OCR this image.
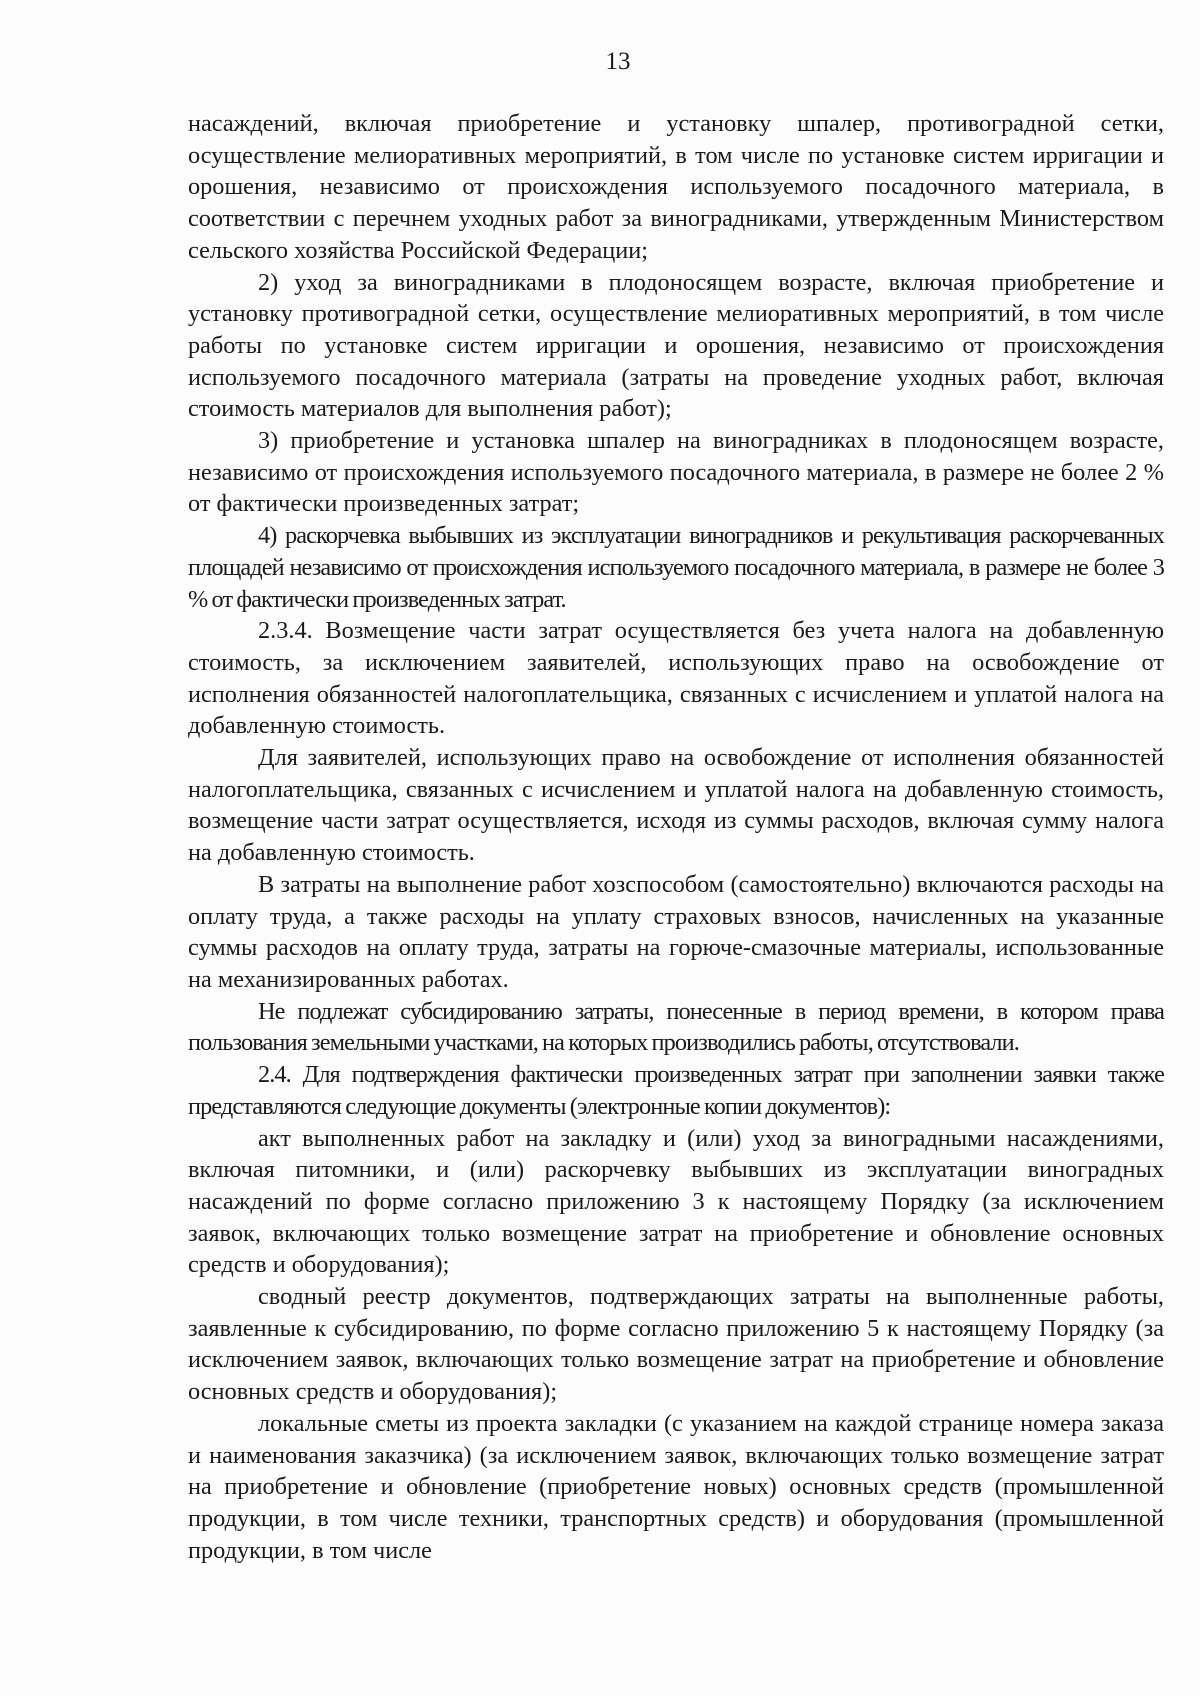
13

насаждений, включая приобретение и установку шпалер, противоградной сетки, осуществление мелиоративных мероприятий, в том числе по установке систем ирригации и орошения, независимо от происхождения используемого посадочного материала, в соответствии с перечнем уходных работ за виноградниками, утвержденным Министерством сельского хозяйства Российской Федерации;

2) уход за виноградниками в плодоносящем возрасте, включая приобретение и установку противоградной сетки, осуществление мелиоративных мероприятий, в том числе работы по установке систем ирригации и орошения, независимо от происхождения используемого посадочного материала (затраты на проведение уходных работ, включая стоимость материалов для выполнения работ);

3) приобретение и установка шпалер на виноградниках в плодоносящем возрасте, независимо от происхождения используемого посадочного материала, в размере не более 2 % от фактически произведенных затрат;

4) раскорчевка выбывших из эксплуатации виноградников и рекультивация раскорчеванных площадей независимо от происхождения используемого посадочного материала, в размере не более 3 % от фактически произведенных затрат.

2.3.4. Возмещение части затрат осуществляется без учета налога на добавленную стоимость, за исключением заявителей, использующих право на освобождение от исполнения обязанностей налогоплательщика, связанных с исчислением и уплатой налога на добавленную стоимость.

Для заявителей, использующих право на освобождение от исполнения обязанностей налогоплательщика, связанных с исчислением и уплатой налога на добавленную стоимость, возмещение части затрат осуществляется, исходя из суммы расходов, включая сумму налога на добавленную стоимость.

В затраты на выполнение работ хозспособом (самостоятельно) включаются расходы на оплату труда, а также расходы на уплату страховых взносов, начисленных на указанные суммы расходов на оплату труда, затраты на горюче-смазочные материалы, использованные на механизированных работах.

Не подлежат субсидированию затраты, понесенные в период времени, в котором права пользования земельными участками, на которых производились работы, отсутствовали.

2.4. Для подтверждения фактически произведенных затрат при заполнении заявки также представляются следующие документы (электронные копии документов):

акт выполненных работ на закладку и (или) уход за виноградными насаждениями, включая питомники, и (или) раскорчевку выбывших из эксплуатации виноградных насаждений по форме согласно приложению 3 к настоящему Порядку (за исключением заявок, включающих только возмещение затрат на приобретение и обновление основных средств и оборудования);

сводный реестр документов, подтверждающих затраты на выполненные работы, заявленные к субсидированию, по форме согласно приложению 5 к настоящему Порядку (за исключением заявок, включающих только возмещение затрат на приобретение и обновление основных средств и оборудования);

локальные сметы из проекта закладки (с указанием на каждой странице номера заказа и наименования заказчика) (за исключением заявок, включающих только возмещение затрат на приобретение и обновление (приобретение новых) основных средств (промышленной продукции, в том числе техники, транспортных средств) и оборудования (промышленной продукции, в том числе
